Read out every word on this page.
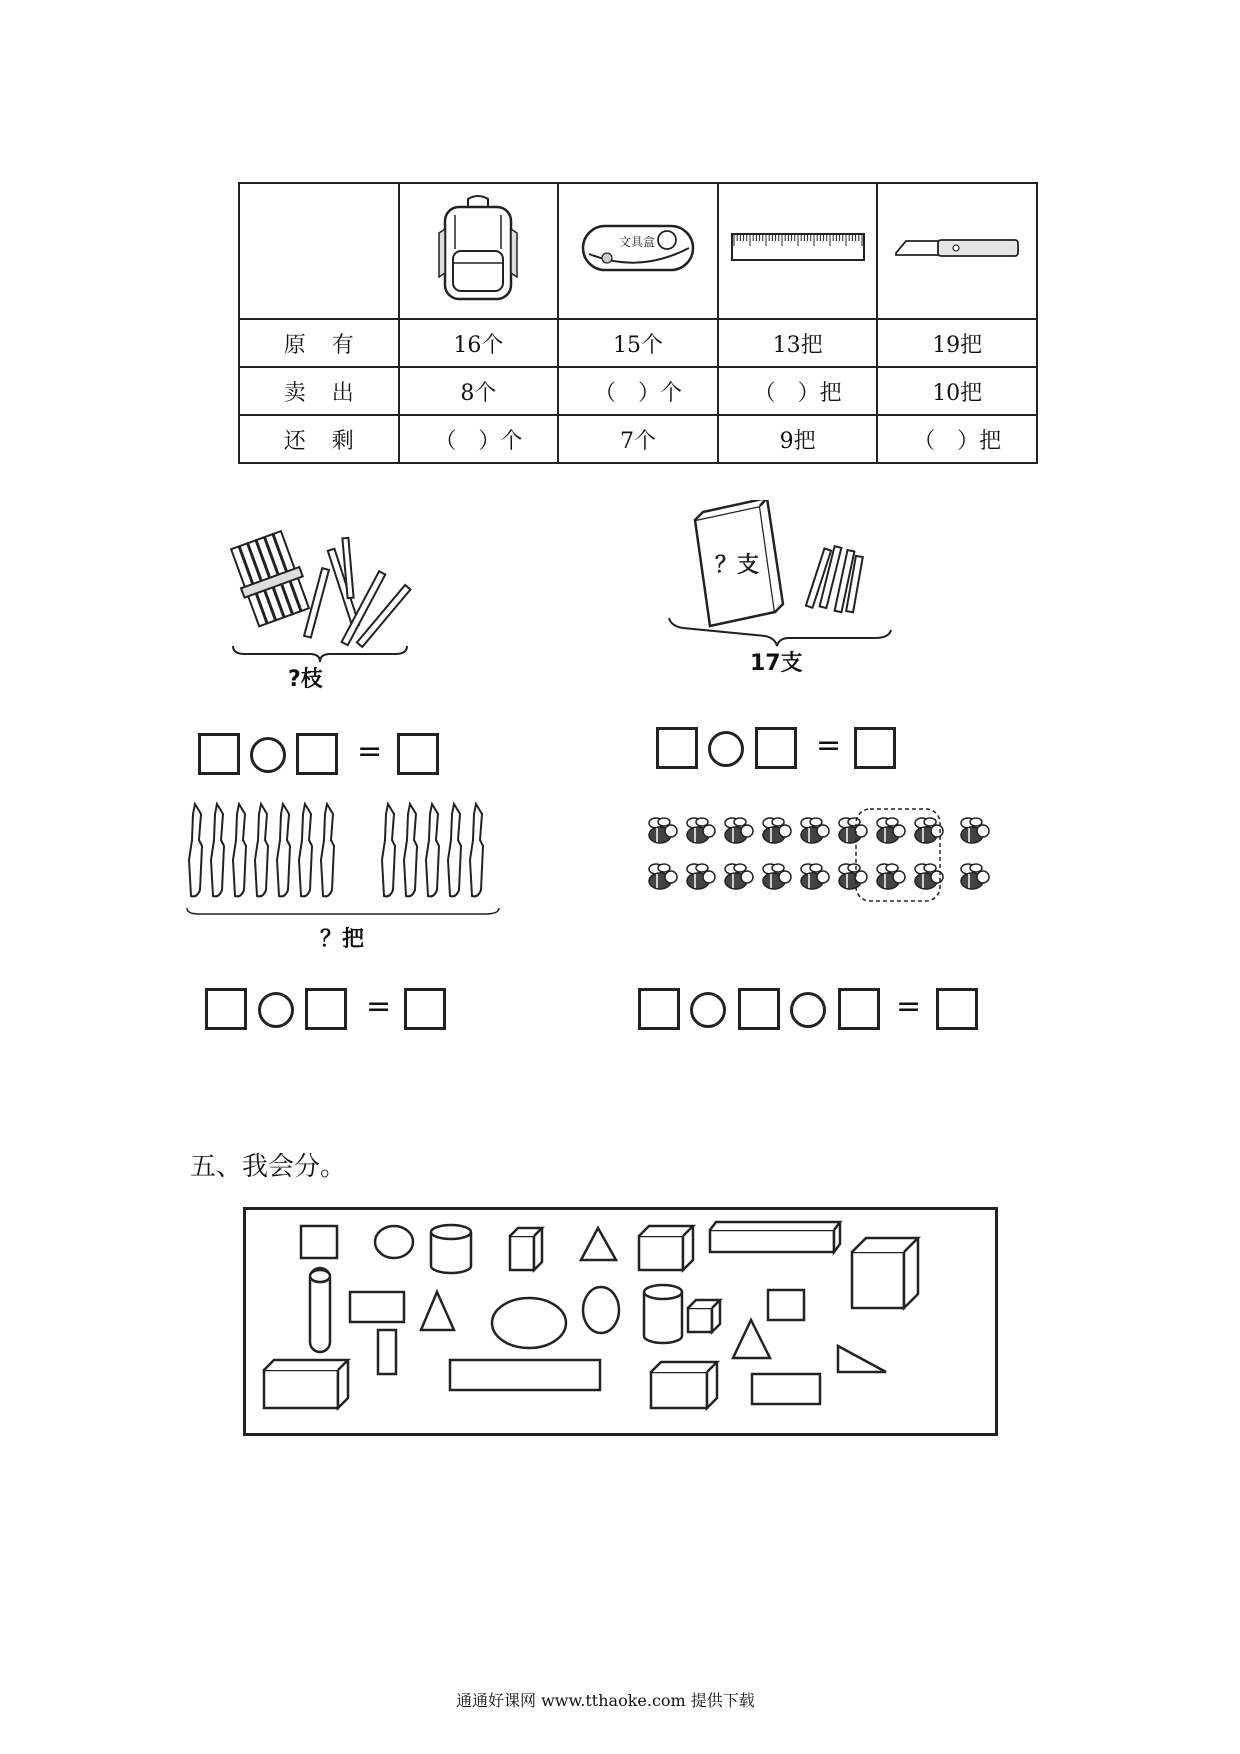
文具盒

原有	16个	15个	13把	19把
卖出	8个	（　）个	（　）把	10把
还剩	（　）个	7个	9把	（　）把
?枝
=
？支
17支
=
？把
=	=
五、我会分。
通通好课网 www.tthaoke.com 提供下载
